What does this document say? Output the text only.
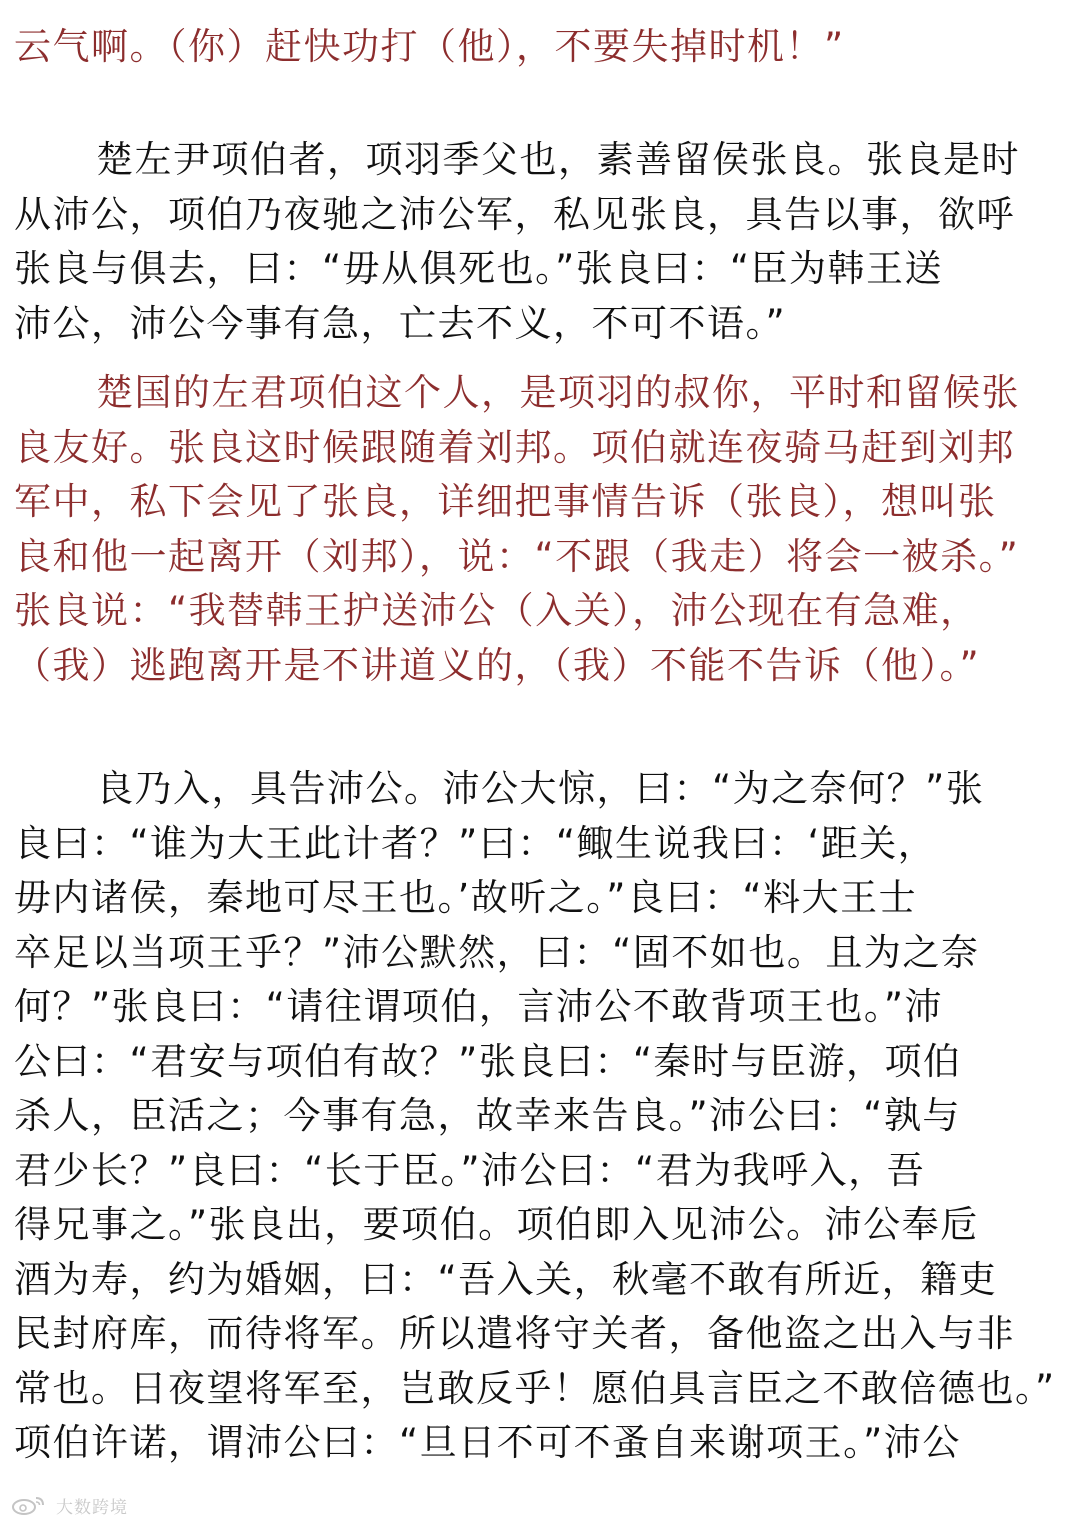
云气啊。（你）赶快功打（他），不要失掉时机！”
楚左尹项伯者，项羽季父也，素善留侯张良。张良是时
从沛公，项伯乃夜驰之沛公军，私见张良，具告以事，欲呼
张良与俱去，曰：“毋从俱死也。”张良曰：“臣为韩王送
沛公，沛公今事有急，亡去不义，不可不语。”
楚国的左君项伯这个人，是项羽的叔你，平时和留候张
良友好。张良这时候跟随着刘邦。项伯就连夜骑马赶到刘邦
军中，私下会见了张良，详细把事情告诉（张良），想叫张
良和他一起离开（刘邦），说：“不跟（我走）将会一被杀。”
张良说：“我替韩王护送沛公（入关），沛公现在有急难，
（我）逃跑离开是不讲道义的，（我）不能不告诉（他）。”
良乃入，具告沛公。沛公大惊，曰：“为之奈何？”张
良曰：“谁为大王此计者？”曰：“鲰生说我曰：‘距关，
毋内诸侯，秦地可尽王也。’故听之。”良曰：“料大王士
卒足以当项王乎？”沛公默然，曰：“固不如也。且为之奈
何？”张良曰：“请往谓项伯，言沛公不敢背项王也。”沛
公曰：“君安与项伯有故？”张良曰：“秦时与臣游，项伯
杀人，臣活之；今事有急，故幸来告良。”沛公曰：“孰与
君少长？”良曰：“长于臣。”沛公曰：“君为我呼入，吾
得兄事之。”张良出，要项伯。项伯即入见沛公。沛公奉卮
酒为寿，约为婚姻，曰：“吾入关，秋毫不敢有所近，籍吏
民封府库，而待将军。所以遣将守关者，备他盗之出入与非
常也。日夜望将军至，岂敢反乎！愿伯具言臣之不敢倍德也。”
项伯许诺，谓沛公曰：“旦日不可不蚤自来谢项王。”沛公
大数跨境
